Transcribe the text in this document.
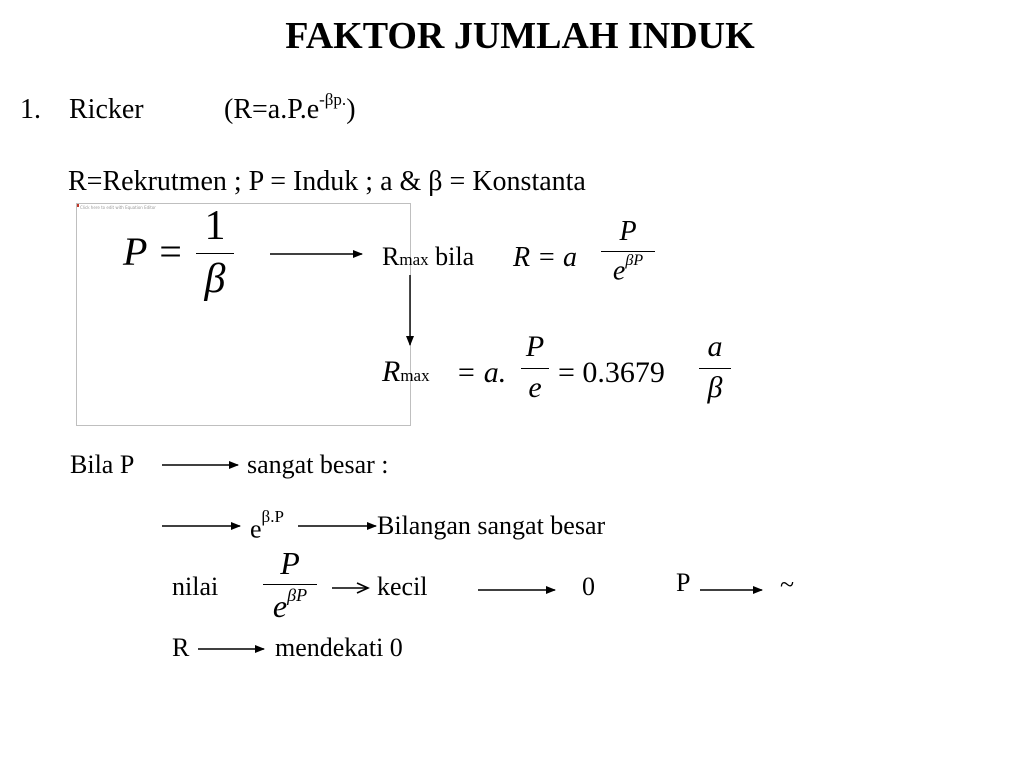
FAKTOR JUMLAH INDUK
1. Ricker	$(R=a.P.e^{-\beta p.})$
R=Rekrutmen ; P = Induk ; a & β = Konstanta
Click here to edit with Equation Editor
P =
1
β	Rmax bila R = a
P
$e^{\beta P}$
Rmax = a.
P
e = 0.3679
a
β
Bila P	sangat besar :
$e^{\beta.P}$	Bilangan sangat besar
nilai
P
$e^{\beta P}$	kecil	0	P	~
R	mendekati 0
